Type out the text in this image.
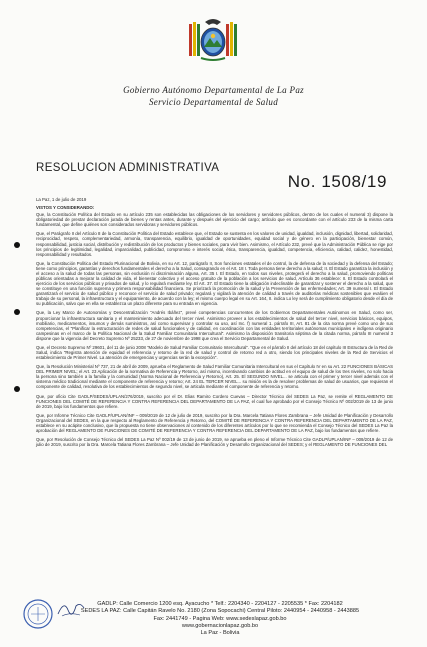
Gobierno Autónomo Departamental de La Paz
Servicio Departamental de Salud
RESOLUCION ADMINISTRATIVA
No. 1508/19

La Paz, 1 de julio de 2019

VISTOS Y CONSIDERANDO:

Que, la Constitución Política del Estado en su artículo 235 son establecidas las obligaciones de los servidores y servidores públicos, dentro de los cuales el numeral 3) dispone la obligatoriedad de prestar declaración jurada de bienes y rentas antes, durante y después del ejercicio del cargo; artículo que es concordante con el artículo 233 de la misma carta fundamental, que define quiénes son considerados servidoras y servidores públicos.

Que, el Parágrafo II del Artículo 8 de la Constitución Política del Estado establece que, el Estado se sustenta en los valores de unidad, igualdad, inclusión, dignidad, libertad, solidaridad, reciprocidad, respeto, complementariedad, armonía, transparencia, equilibrio, igualdad de oportunidades, equidad social y de género en la participación, bienestar común, responsabilidad, justicia social, distribución y redistribución de los productos y bienes sociales, para vivir bien. Asimismo, el Artículo 232, prevé que la Administración Pública se rige por los principios de legitimidad, legalidad, imparcialidad, publicidad, compromiso e interés social, ética, transparencia, igualdad, competencia, eficiencia, calidad, calidez, honestidad, responsabilidad y resultados.

Que, la Constitución Política del Estado Plurinacional de Bolivia, en su Art. 12, parágrafo II, Son funciones estatales el de control, la de defensa de la sociedad y la defensa del Estado; tiene como principios, garantías y derechos fundamentales el derecho a la Salud, consagrando en el Art. 18 I. Toda persona tiene derecho a la salud; II. El Estado garantiza la inclusión y el acceso a la salud de todas las personas, sin exclusión ni discriminación alguna, Art. 35 I. El Estado, en todos sus niveles, protegerá el derecho a la salud, promoviendo políticas públicas orientadas a mejorar la calidad de vida, el bienestar colectivo y el acceso gratuito de la población a los servicios de salud, Artículo 36 establece: II. El Estado controlará el ejercicio de los servicios públicos y privados de salud, y lo regulará mediante ley. El Art. 37. El Estado tiene la obligación indeclinable de garantizar y sostener el derecho a la salud, que se constituye en una función suprema y primera responsabilidad financiera. Se priorizará la promoción de la salud y la Prevención de las enfermedades; Art. 39 numeral I. El Estado garantizará el servicio de salud público y reconoce el servicio de salud privado; regulará y vigilará la atención de calidad a través de auditorías médicas sostenibles que evalúen el trabajo de su personal, la infraestructura y el equipamiento, de acuerdo con la ley; el mismo cuerpo legal en su Art. 164, II. indica Lo ley será de cumplimiento obligatorio desde el día de su publicación, salvo que en ella se establezca un plazo diferente para su entrada en vigencia.

Que, la Ley Marco de Autonomías y Descentralización "Andrés Ibáñez", prevé competencias concurrentes de los Gobiernos Departamentales Autónomos en Salud, como ser, proporcionar la infraestructura sanitaria y el mantenimiento adecuado del tercer nivel. Asimismo proveer a los establecimientos de salud del tercer nivel, servicios básicos, equipos, mobiliario, medicamentos, insumos y demás suministros, así como supervisar y controlar su uso, así Inc. f) numeral 1. párrafo III, Art. 81 de la cita norma prevé como uno de sus competencias, el "Planificar la estructuración de redes de salud funcionales y de calidad, en coordinación con las entidades territoriales autónomas municipales e indígena originario campesinas en el marco de la Política Nacional de la Salud Familiar Comunitaria Intercultural". Asimismo la disposición transitoria séptima de la citada norma, párrafo III numeral 3 dispone que la vigencia del Decreto Supremo Nº 25233, de 27 de noviembre de 1998 que crea el Servicio Departamental de Salud.

Que, el Decreto Supremo Nº 29601, del 11 de junio 2008 "Modelo de Salud Familiar Comunitario Intercultural". "Que en el párrafo II del artículo 18 del capítulo III Estructura de la Red de Salud, indica "Registra atención de equidad el referencia y retorno de la red de salud y control de retorno red a otro, siendo los principales niveles de la Red de Servicios el establecimiento de Primer Nivel. La atención de emergencias y urgencias serán la excepción".

Que, la Resolución Ministerial Nº 737, 21 de abril de 2009, aprueba el Reglamento de Salud Familiar Comunitaria Intercultural en sus el Capítulo IV en su Art. 22 FUNCIONES BÁSICAS DEL PRIMER NIVEL; el Art. 23 Aplicación de la normativa de Referencia y Retorno, así mismo, incentivando cambios de actitud en el equipo de salud de los tres niveles, no solo hacia la persona sino también a la familia y la comunidad (Norma Nacional de Referencia y Retorno), Art. 25. El SEGUNDO NIVEL... se articula con el primer y tercer nivel además con el sistema médico tradicional mediante el componente de referencia y retorno; Art. 24 EL TERCER NIVEL... su misión es la de resolver problemas de salud de usuarios, que requieran el componente de calidad, resolutiva de los establecimientos de segundo nivel, se articula mediante el componente de referencia y retorno.

Que, por oficio Cite GADLP/SEDES/UPLAN/276/2019, suscrito por el Dr. Elias Ramiro Cordero Cuevas – Director Técnico del SEDES La Paz, se remite el REGLAMENTO DE FUNCIONES DEL COMITÉ DE REFERENCIA Y CONTRA REFERENCIA DEL DEPARTAMENTO DE LA PAZ, el cual fue aprobado por el Consejo Técnico Nº 002/2019 de 13 de junio de 2019, bajo los fundamentos que refiere.

Que, por Informe Técnico Cite GADLP/UPLAN/INF – 009/2019 de 12 de julio de 2019, suscrito por la Dra. Marcela Tatiana Flores Zambrana – Jefe Unidad de Planificación y Desarrollo Organizacional del SEDES, en la que respecto al Reglamento de Referencia y Retorno, del COMITÉ DE REFERENCIA Y CONTRA REFERENCIA DEL DEPARTAMENTO DE LA PAZ, establece en su acápite conclusivo, que la propuesta no tiene observaciones al contenido de los diferentes artículos por lo que se recomienda el Consejo Técnico del SEDES La Paz la aprobación del REGLAMENTO DE FUNCIONES DE COMITÉ DE REFERENCIA Y CONTRA REFERENCIA DEL DEPARTAMENTO DE LA PAZ, bajo los fundamentos que refiere.

Que, por Resolución de Consejo Técnico del SEDES La Paz Nº 002/19 de 13 de junio de 2019, se aprueba en pleno el Informe Técnico Cite GADLP/UPLAN/INF – 009/2019 de 12 de julio de 2019, suscrito por la Dra. Marcela Tatiana Flores Zambrana – Jefe Unidad de Planificación y Desarrollo Organizacional del SEDES; y el REGLAMENTO DE FUNCIONES DEL

GADLP: Calle Comercio 1200 esq. Ayacucho * Telf.: 2204340 - 2204127 - 2205535 * Fax: 2204182
SEDES LA PAZ: Calle Capitán Ravelo No. 2180 (Zona Sopocachi) Central Piloto: 2440954 - 2440958 - 2443885
Fax: 2441749 - Pagina Web: www.sedeslapaz.gob.bo
www.gobernacionlapaz.gob.bo
La Paz - Bolivia
